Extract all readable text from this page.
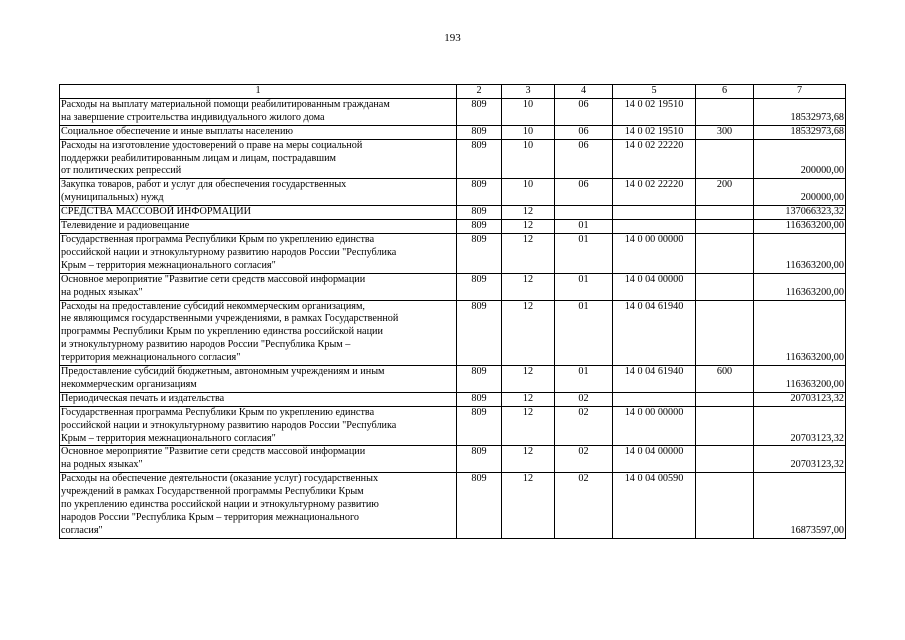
193
1	2	3	4	5	6	7
Расходы на выплату материальной помощи реабилитированным гражданам
на завершение строительства индивидуального жилого дома	809	10	06	14 0 02 19510		18532973,68
Социальное обеспечение и иные выплаты населению	809	10	06	14 0 02 19510	300	18532973,68
Расходы на изготовление удостоверений о праве на меры социальной
поддержки реабилитированным лицам и лицам, пострадавшим
от политических репрессий	809	10	06	14 0 02 22220		200000,00
Закупка товаров, работ и услуг для обеспечения государственных
(муниципальных) нужд	809	10	06	14 0 02 22220	200	200000,00
СРЕДСТВА МАССОВОЙ ИНФОРМАЦИИ	809	12				137066323,32
Телевидение и радиовещание	809	12	01			116363200,00
Государственная программа Республики Крым по укреплению единства
российской нации и этнокультурному развитию народов России "Республика
Крым – территория межнационального согласия"	809	12	01	14 0 00 00000		116363200,00
Основное мероприятие "Развитие сети средств массовой информации
на родных языках"	809	12	01	14 0 04 00000		116363200,00
Расходы на предоставление субсидий некоммерческим организациям,
не являющимся государственными учреждениями, в рамках Государственной
программы Республики Крым по укреплению единства российской нации
и этнокультурному развитию народов России "Республика Крым –
территория межнационального согласия"	809	12	01	14 0 04 61940		116363200,00
Предоставление субсидий бюджетным, автономным учреждениям и иным
некоммерческим организациям	809	12	01	14 0 04 61940	600	116363200,00
Периодическая печать и издательства	809	12	02			20703123,32
Государственная программа Республики Крым по укреплению единства
российской нации и этнокультурному развитию народов России "Республика
Крым – территория межнационального согласия"	809	12	02	14 0 00 00000		20703123,32
Основное мероприятие "Развитие сети средств массовой информации
на родных языках"	809	12	02	14 0 04 00000		20703123,32
Расходы на обеспечение деятельности (оказание услуг) государственных
учреждений в рамках Государственной программы Республики Крым
по укреплению единства российской нации и этнокультурному развитию
народов России "Республика Крым – территория межнационального
согласия"	809	12	02	14 0 04 00590		16873597,00
